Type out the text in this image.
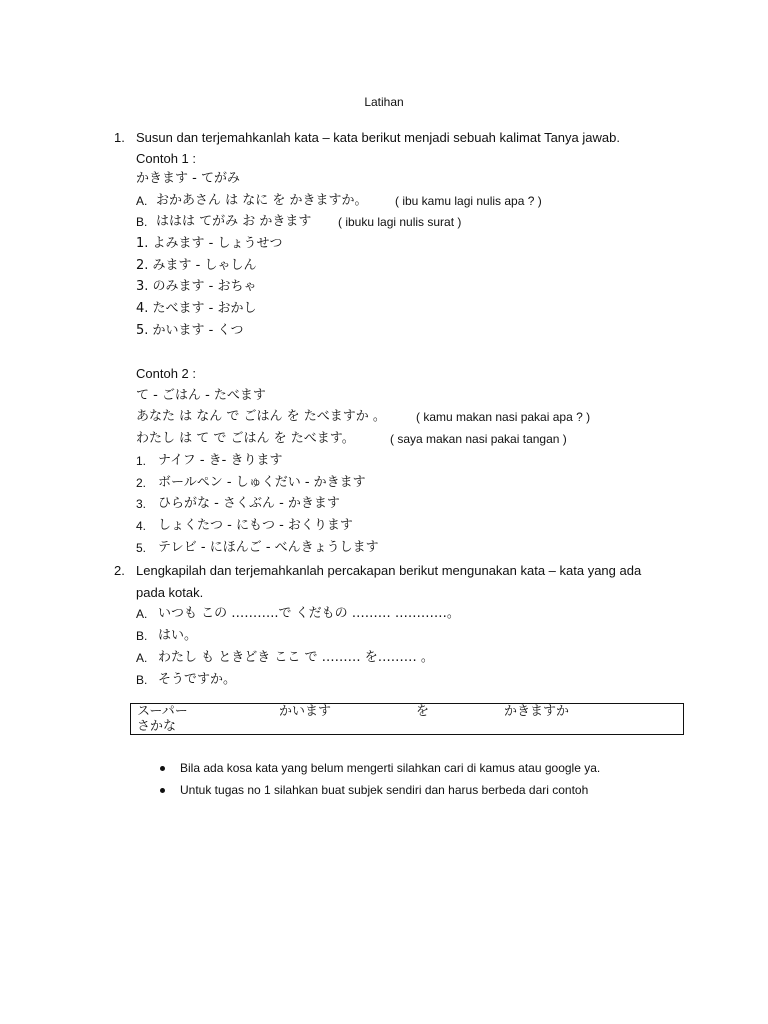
Latihan
1. Susun dan terjemahkanlah kata – kata berikut menjadi sebuah kalimat Tanya jawab.
Contoh 1 :
かきます - てがみ
A. おかあさん は なに を かきますか。 ( ibu kamu lagi nulis apa ? )
B. ははは てがみ お かきます ( ibuku lagi nulis surat )
1. よみます - しょうせつ
2. みます - しゃしん
3. のみます - おちゃ
4. たべます - おかし
5. かいます - くつ
Contoh 2 :
て - ごはん - たべます
あなた は なん で ごはん を たべますか 。	( kamu makan nasi pakai apa ? )
わたし は て で ごはん を たべます。	( saya makan nasi pakai tangan )
1. ナイフ - き- きります
2. ボールペン - しゅくだい - かきます
3. ひらがな - さくぶん - かきます
4. しょくたつ - にもつ - おくります
5. テレビ - にほんご - べんきょうします
2. Lengkapilah dan terjemahkanlah percakapan berikut mengunakan kata – kata yang ada
pada kotak.
A. いつも この ………..で くだもの ……… …………。
B. はい。
A. わたし も ときどき ここ で ……… を……… 。
B. そうですか。
スーパー	かいます	を	かきますか
さかな
Bila ada kosa kata yang belum mengerti silahkan cari di kamus atau google ya.
Untuk tugas no 1 silahkan buat subjek sendiri dan harus berbeda dari contoh
